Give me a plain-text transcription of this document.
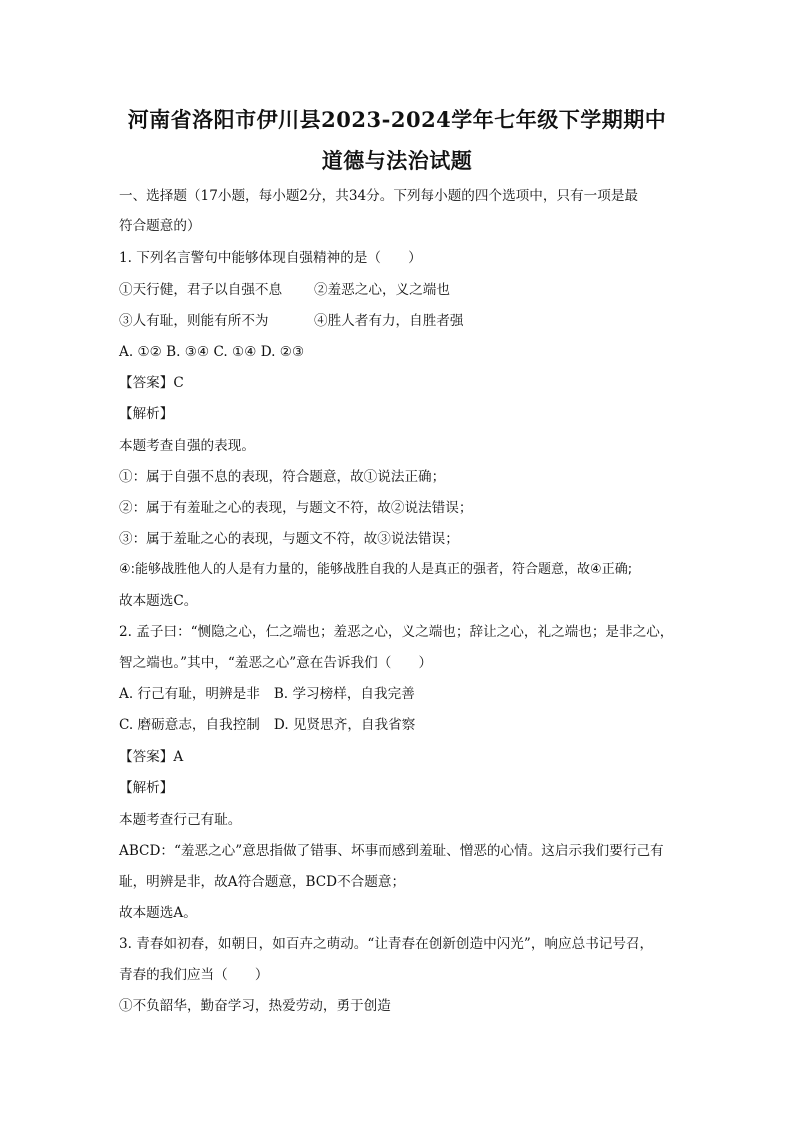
河南省洛阳市伊川县2023-2024学年七年级下学期期中
道德与法治试题
一、选择题（17小题，每小题2分，共34分。下列每小题的四个选项中，只有一项是最
符合题意的）
1. 下列名言警句中能够体现自强精神的是（　　）
①天行健，君子以自强不息 ②羞恶之心，义之端也
③人有耻，则能有所不为	④胜人者有力，自胜者强
A. ①② B. ③④ C. ①④ D. ②③
【答案】C
【解析】
本题考查自强的表现。
①：属于自强不息的表现，符合题意，故①说法正确；
②：属于有羞耻之心的表现，与题文不符，故②说法错误；
③：属于羞耻之心的表现，与题文不符，故③说法错误；
④:能够战胜他人的人是有力量的，能够战胜自我的人是真正的强者，符合题意，故④正确;
故本题选C。
2. 孟子曰：“恻隐之心，仁之端也；羞恶之心，义之端也；辞让之心，礼之端也；是非之心，
智之端也。”其中，“羞恶之心”意在告诉我们（　　）
A. 行己有耻，明辨是非 B. 学习榜样，自我完善
C. 磨砺意志，自我控制 D. 见贤思齐，自我省察
【答案】A
【解析】
本题考查行己有耻。
ABCD：“羞恶之心”意思指做了错事、坏事而感到羞耻、憎恶的心情。这启示我们要行己有
耻，明辨是非，故A符合题意，BCD不合题意；
故本题选A。
3. 青春如初春，如朝日，如百卉之萌动。“让青春在创新创造中闪光”，响应总书记号召，
青春的我们应当（　　）
①不负韶华，勤奋学习，热爱劳动，勇于创造
